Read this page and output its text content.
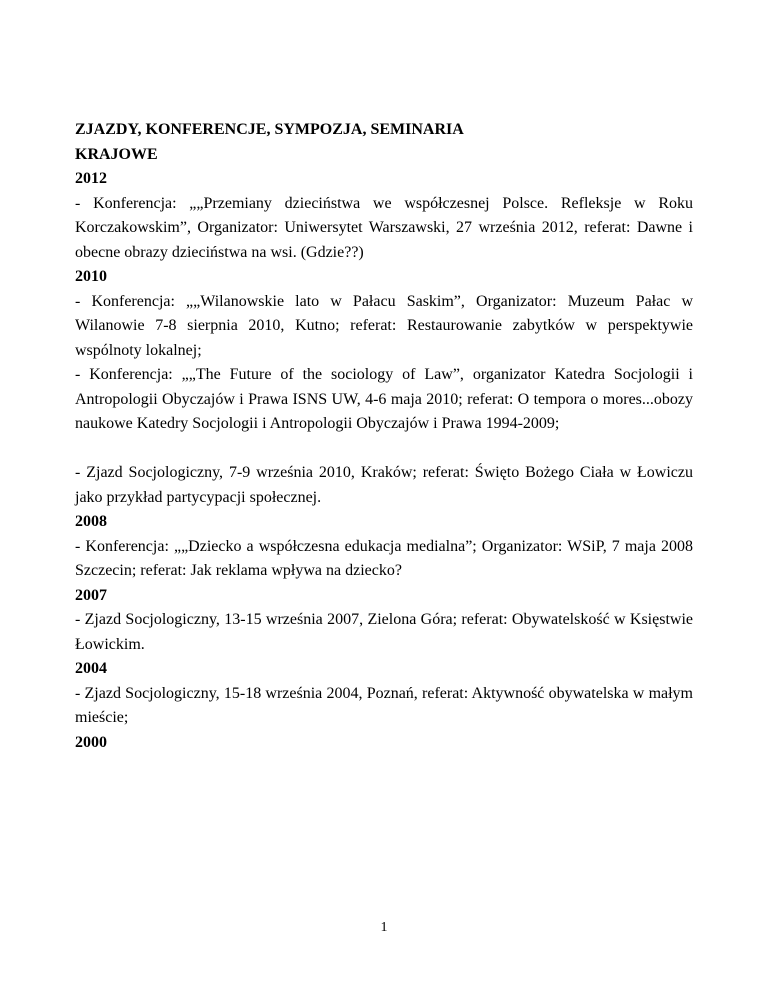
ZJAZDY, KONFERENCJE, SYMPOZJA, SEMINARIA
KRAJOWE
2012

- Konferencja: „„Przemiany dzieciństwa we współczesnej Polsce. Refleksje w Roku Korczakowskim”, Organizator: Uniwersytet Warszawski, 27 września 2012, referat: Dawne i obecne obrazy dzieciństwa na wsi. (Gdzie??)

2010

- Konferencja: „„Wilanowskie lato w Pałacu Saskim”, Organizator: Muzeum Pałac w Wilanowie 7-8 sierpnia 2010, Kutno; referat: Restaurowanie zabytków w perspektywie wspólnoty lokalnej;

- Konferencja: „„The Future of the sociology of Law”, organizator Katedra Socjologii i Antropologii Obyczajów i Prawa ISNS UW, 4-6 maja 2010; referat: O tempora o mores...obozy naukowe Katedry Socjologii i Antropologii Obyczajów i Prawa 1994-2009;

- Zjazd Socjologiczny, 7-9 września 2010, Kraków; referat: Święto Bożego Ciała w Łowiczu jako przykład partycypacji społecznej.

2008

- Konferencja: „„Dziecko a współczesna edukacja medialna”; Organizator: WSiP, 7 maja 2008 Szczecin; referat: Jak reklama wpływa na dziecko?

2007

- Zjazd Socjologiczny, 13-15 września 2007, Zielona Góra; referat: Obywatelskość w Księstwie Łowickim.

2004

- Zjazd Socjologiczny, 15-18 września 2004, Poznań, referat: Aktywność obywatelska w małym mieście;

2000
1
